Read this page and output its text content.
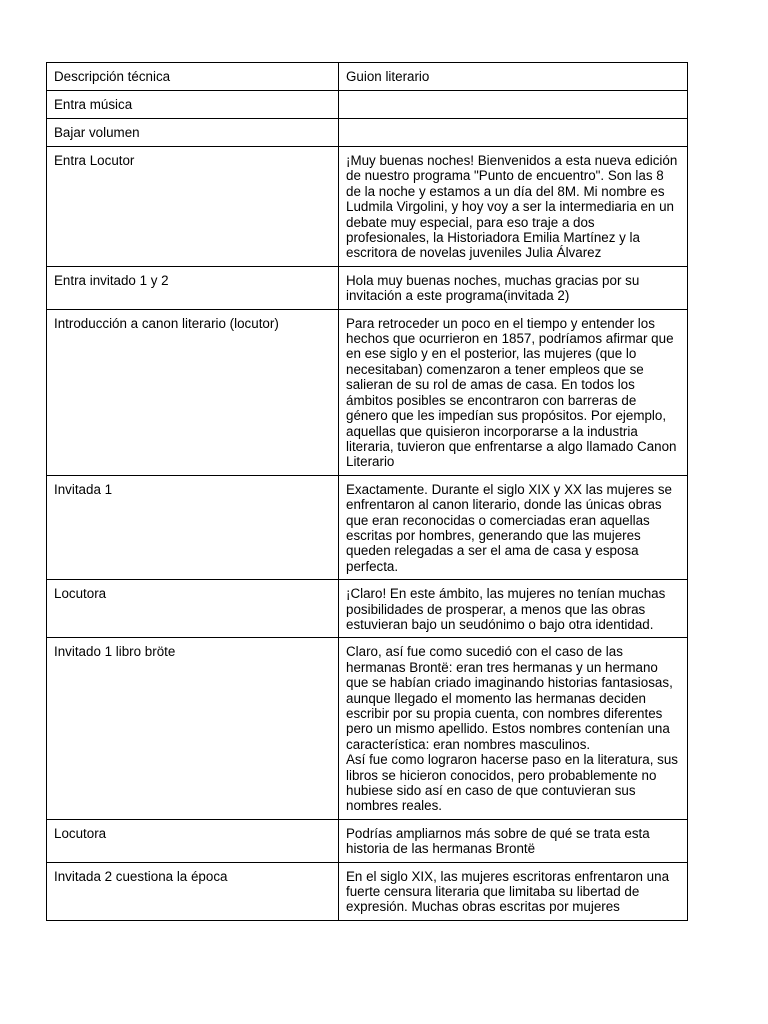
Descripción técnica	Guion literario
Entra música	
Bajar volumen	
Entra Locutor	¡Muy buenas noches! Bienvenidos a esta nueva edición de nuestro programa "Punto de encuentro". Son las 8 de la noche y estamos a un día del 8M. Mi nombre es Ludmila Virgolini, y hoy voy a ser la intermediaria en un debate muy especial, para eso traje a dos profesionales, la Historiadora Emilia Martínez y la escritora de novelas juveniles Julia Álvarez
Entra invitado 1 y 2	Hola muy buenas noches, muchas gracias por su invitación a este programa(invitada 2)
Introducción a canon literario (locutor)	Para retroceder un poco en el tiempo y entender los hechos que ocurrieron en 1857, podríamos afirmar que en ese siglo y en el posterior, las mujeres (que lo necesitaban) comenzaron a tener empleos que se salieran de su rol de amas de casa. En todos los ámbitos posibles se encontraron con barreras de género que les impedían sus propósitos. Por ejemplo, aquellas que quisieron incorporarse a la industria literaria, tuvieron que enfrentarse a algo llamado Canon Literario
Invitada 1	Exactamente. Durante el siglo XIX y XX las mujeres se enfrentaron al canon literario, donde las únicas obras que eran reconocidas o comerciadas eran aquellas escritas por hombres, generando que las mujeres queden relegadas a ser el ama de casa y esposa perfecta.
Locutora	¡Claro! En este ámbito, las mujeres no tenían muchas posibilidades de prosperar, a menos que las obras estuvieran bajo un seudónimo o bajo otra identidad.
Invitado 1 libro bröte	Claro, así fue como sucedió con el caso de las hermanas Brontë: eran tres hermanas y un hermano que se habían criado imaginando historias fantasiosas, aunque llegado el momento las hermanas deciden escribir por su propia cuenta, con nombres diferentes pero un mismo apellido. Estos nombres contenían una característica: eran nombres masculinos.
Así fue como lograron hacerse paso en la literatura, sus libros se hicieron conocidos, pero probablemente no hubiese sido así en caso de que contuvieran sus nombres reales.
Locutora	Podrías ampliarnos más sobre de qué se trata esta historia de las hermanas Brontë
Invitada 2 cuestiona la época	En el siglo XIX, las mujeres escritoras enfrentaron una fuerte censura literaria que limitaba su libertad de expresión. Muchas obras escritas por mujeres
